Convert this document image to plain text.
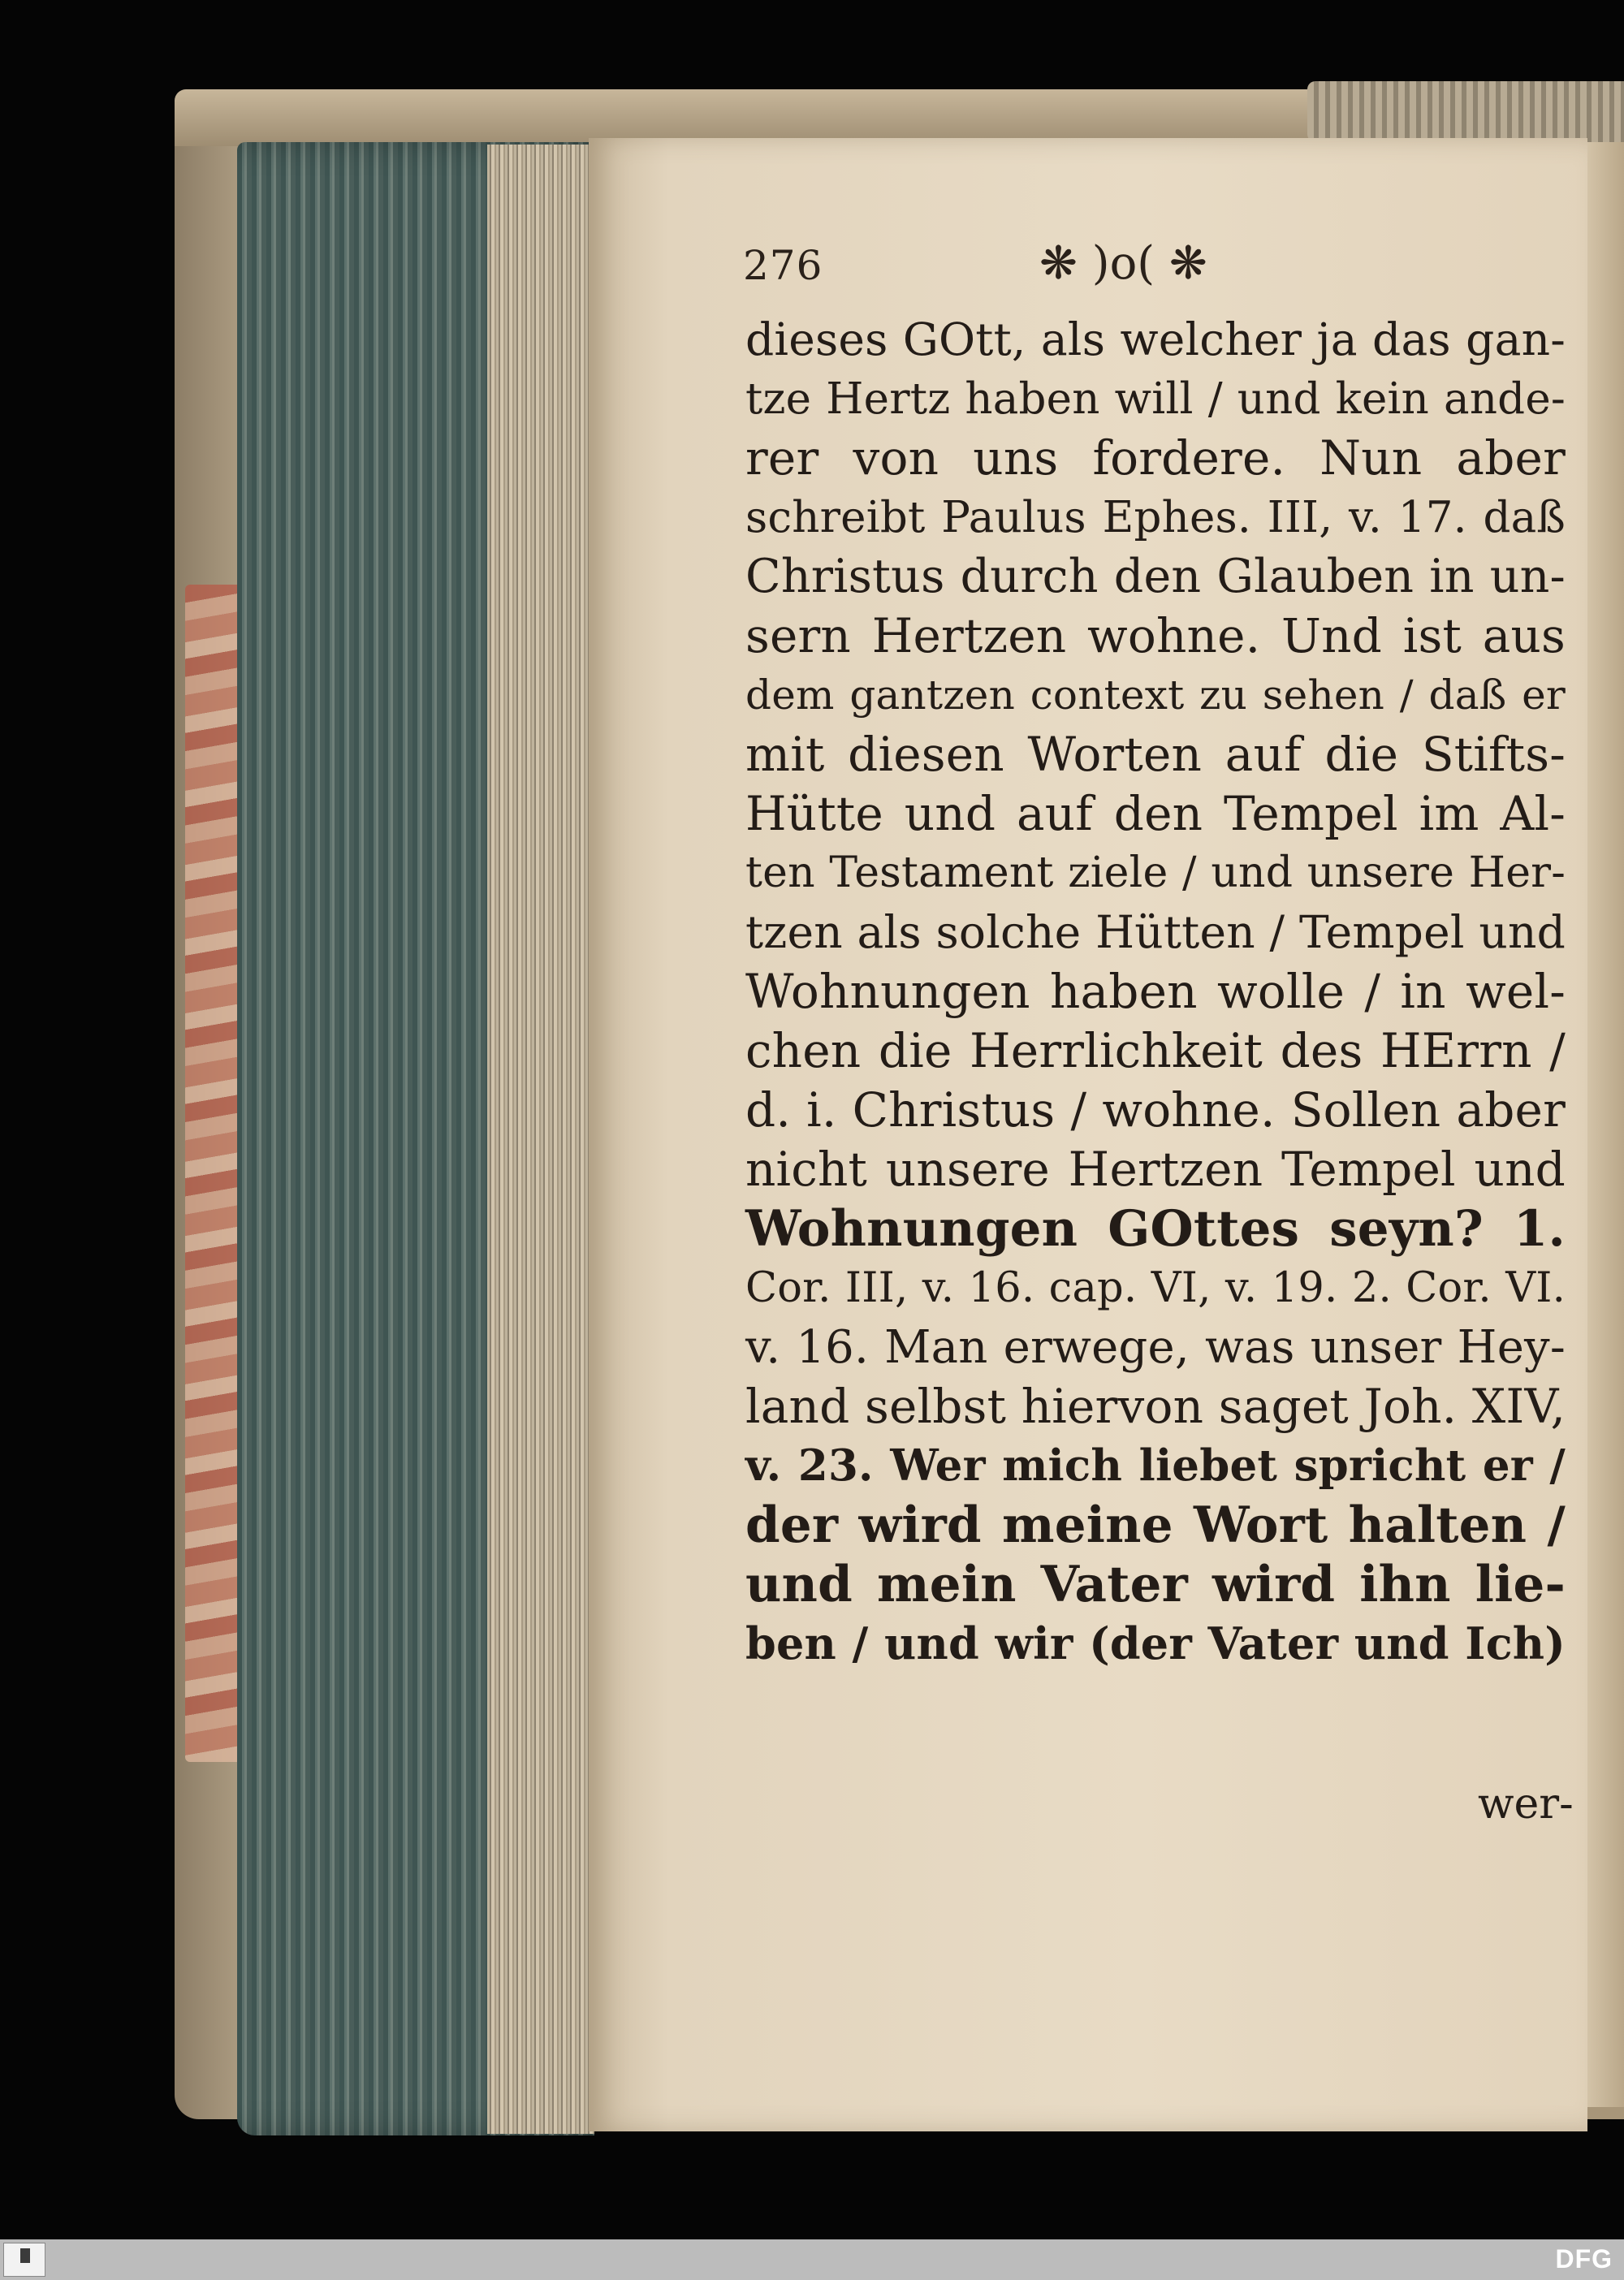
276	❋ )o( ❋
dieses GOtt, als welcher ja das gan-
tze Hertz haben will / und kein ande-
rer von uns fordere. Nun aber
schreibt Paulus Ephes. III, v. 17. daß
Christus durch den Glauben in un-
sern Hertzen wohne. Und ist aus
dem gantzen context zu sehen / daß er
mit diesen Worten auf die Stifts-
Hütte und auf den Tempel im Al-
ten Testament ziele / und unsere Her-
tzen als solche Hütten / Tempel und
Wohnungen haben wolle / in wel-
chen die Herrlichkeit des HErrn /
d. i. Christus / wohne. Sollen aber
nicht unsere Hertzen Tempel und
Wohnungen GOttes seyn? 1.
Cor. III, v. 16. cap. VI, v. 19. 2. Cor. VI.
v. 16. Man erwege, was unser Hey-
land selbst hiervon saget Joh. XIV,
v. 23. Wer mich liebet spricht er /
der wird meine Wort halten /
und mein Vater wird ihn lie-
ben / und wir (der Vater und Ich)
wer-
DFG
